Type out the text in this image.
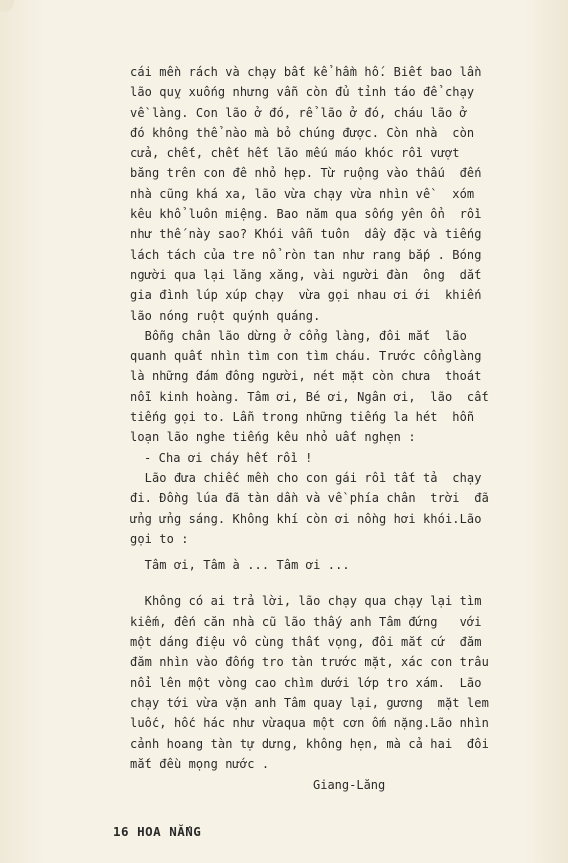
cái mền rách và chạy bất kể hầm hố. Biết bao lần
lão quỵ xuống nhưng vẫn còn đủ tỉnh táo để chạy
về làng. Con lão ở đó, rể lão ở đó, cháu lão ở
đó không thể nào mà bỏ chúng được. Còn nhà  còn
cửa, chết, chết hết lão mếu máo khóc rồi vượt
băng trên con đê nhỏ hẹp. Từ ruộng vào thấu  đến
nhà cũng khá xa, lão vừa chạy vừa nhìn về   xóm
kêu khổ luôn miệng. Bao năm qua sống yên ổn  rồi
như thế này sao? Khói vẫn tuôn  dầy đặc và tiếng
lách tách của tre nổ ròn tan như rang bắp . Bóng
người qua lại lăng xăng, vài người đàn  ông  dắt
gia đình lúp xúp chạy  vừa gọi nhau ơi ới  khiến
lão nóng ruột quýnh quáng.
Bỗng chân lão dừng ở cổng làng, đôi mắt  lão
quanh quất nhìn tìm con tìm cháu. Trước cổnglàng
là những đám đông người, nét mặt còn chưa  thoát
nỗi kinh hoàng. Tâm ơi, Bé ơi, Ngân ơi,  lão  cất
tiếng gọi to. Lẫn trong những tiếng la hét  hỗn
loạn lão nghe tiếng kêu nhỏ uất nghẹn :
- Cha ơi cháy hết rồi !
Lão đưa chiếc mền cho con gái rồi tất tả  chạy
đi. Đồng lúa đã tàn dần và về phía chân  trời  đã
ửng ửng sáng. Không khí còn ơi nồng hơi khói.Lão
gọi to :
Tâm ơi, Tâm à ... Tâm ơi ...
Không có ai trả lời, lão chạy qua chạy lại tìm
kiếm, đến căn nhà cũ lão thấy anh Tâm đứng   với
một dáng điệu vô cùng thất vọng, đôi mắt cứ  đăm
đăm nhìn vào đống tro tàn trước mặt, xác con trâu
nổi lên một vòng cao chìm dưới lớp tro xám.  Lão
chạy tới vừa vặn anh Tâm quay lại, gương  mặt lem
luốc, hốc hác như vừaqua một cơn ốm nặng.Lão nhìn
cảnh hoang tàn tự dưng, không hẹn, mà cả hai  đôi
mắt đều mọng nước .
Giang-Lăng
16 HOA NẮNG
